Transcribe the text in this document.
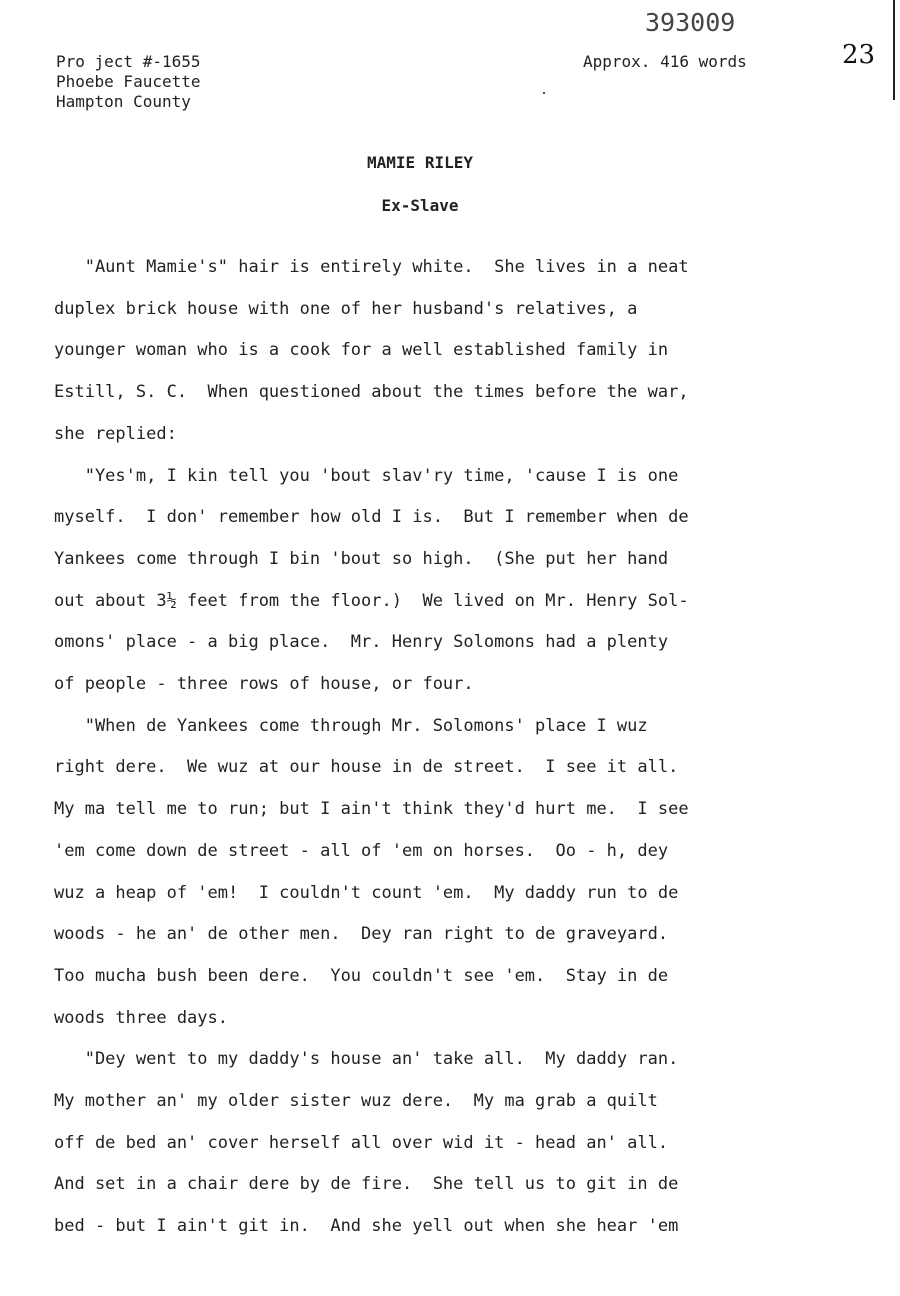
393009
Pro ject #-1655
Phoebe Faucette
Hampton County
Approx. 416 words	23
MAMIE RILEY
Ex-Slave
"Aunt Mamie's" hair is entirely white.  She lives in a neat
duplex brick house with one of her husband's relatives, a
younger woman who is a cook for a well established family in
Estill, S. C.  When questioned about the times before the war,
she replied:
"Yes'm, I kin tell you 'bout slav'ry time, 'cause I is one
myself.  I don' remember how old I is.  But I remember when de
Yankees come through I bin 'bout so high.  (She put her hand
out about 3½ feet from the floor.)  We lived on Mr. Henry Sol-
omons' place - a big place.  Mr. Henry Solomons had a plenty
of people - three rows of house, or four.
"When de Yankees come through Mr. Solomons' place I wuz
right dere.  We wuz at our house in de street.  I see it all.
My ma tell me to run; but I ain't think they'd hurt me.  I see
'em come down de street - all of 'em on horses.  Oo - h, dey
wuz a heap of 'em!  I couldn't count 'em.  My daddy run to de
woods - he an' de other men.  Dey ran right to de graveyard.
Too mucha bush been dere.  You couldn't see 'em.  Stay in de
woods three days.
"Dey went to my daddy's house an' take all.  My daddy ran.
My mother an' my older sister wuz dere.  My ma grab a quilt
off de bed an' cover herself all over wid it - head an' all.
And set in a chair dere by de fire.  She tell us to git in de
bed - but I ain't git in.  And she yell out when she hear 'em
